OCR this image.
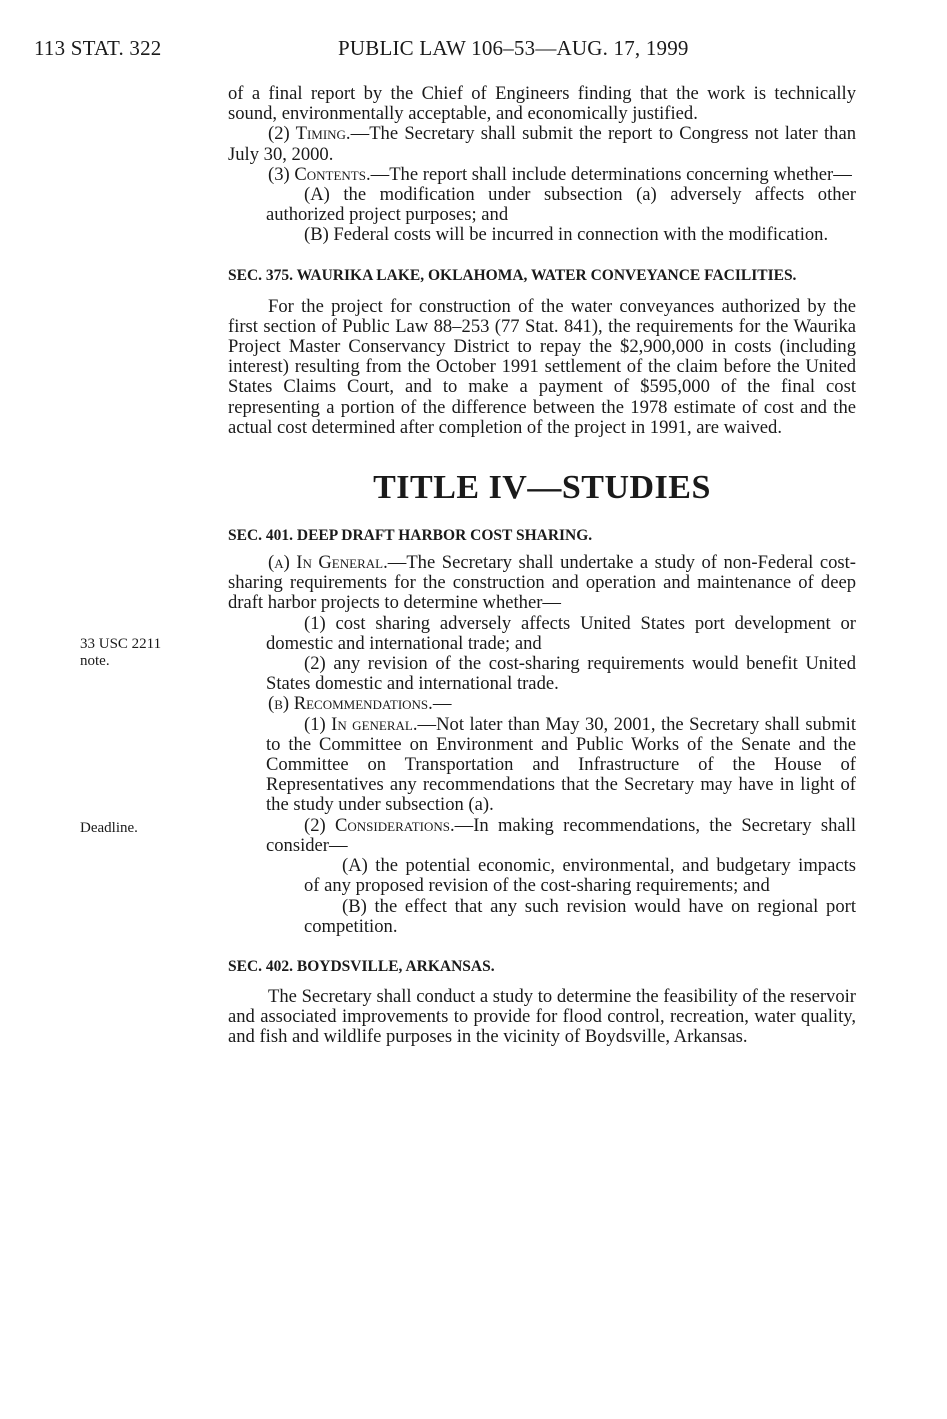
113 STAT. 322	PUBLIC LAW 106–53—AUG. 17, 1999
33 USC 2211
note.
Deadline.

of a final report by the Chief of Engineers finding that the work is technically sound, environmentally acceptable, and economically justified.

(2) Timing.—The Secretary shall submit the report to Congress not later than July 30, 2000.

(3) Contents.—The report shall include determinations concerning whether—

(A) the modification under subsection (a) adversely affects other authorized project purposes; and

(B) Federal costs will be incurred in connection with the modification.

SEC. 375. WAURIKA LAKE, OKLAHOMA, WATER CONVEYANCE FACILITIES.

For the project for construction of the water conveyances authorized by the first section of Public Law 88–253 (77 Stat. 841), the requirements for the Waurika Project Master Conservancy District to repay the $2,900,000 in costs (including interest) resulting from the October 1991 settlement of the claim before the United States Claims Court, and to make a payment of $595,000 of the final cost representing a portion of the difference between the 1978 estimate of cost and the actual cost determined after completion of the project in 1991, are waived.

TITLE IV—STUDIES

SEC. 401. DEEP DRAFT HARBOR COST SHARING.

(a) In General.—The Secretary shall undertake a study of non-Federal cost-sharing requirements for the construction and operation and maintenance of deep draft harbor projects to determine whether—

(1) cost sharing adversely affects United States port development or domestic and international trade; and

(2) any revision of the cost-sharing requirements would benefit United States domestic and international trade.

(b) Recommendations.—

(1) In general.—Not later than May 30, 2001, the Secretary shall submit to the Committee on Environment and Public Works of the Senate and the Committee on Transportation and Infrastructure of the House of Representatives any recommendations that the Secretary may have in light of the study under subsection (a).

(2) Considerations.—In making recommendations, the Secretary shall consider—

(A) the potential economic, environmental, and budgetary impacts of any proposed revision of the cost-sharing requirements; and

(B) the effect that any such revision would have on regional port competition.

SEC. 402. BOYDSVILLE, ARKANSAS.

The Secretary shall conduct a study to determine the feasibility of the reservoir and associated improvements to provide for flood control, recreation, water quality, and fish and wildlife purposes in the vicinity of Boydsville, Arkansas.
